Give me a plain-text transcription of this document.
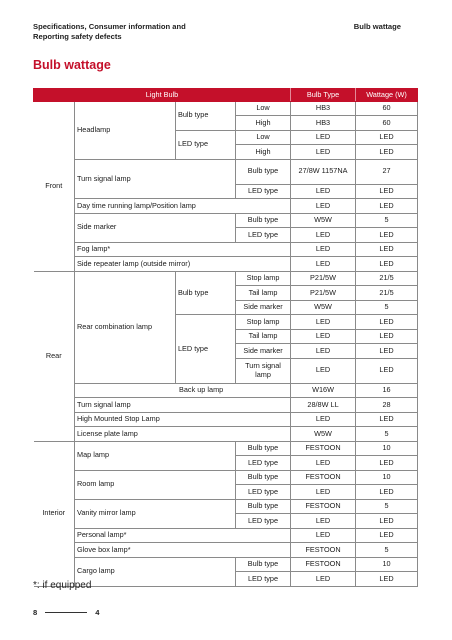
Specifications, Consumer information and
Reporting safety defects
Bulb wattage
Bulb wattage
Light Bulb				Bulb Type	Wattage (W)
Front	Headlamp	Bulb type	Low	HB3	60
			High	HB3	60
		LED type	Low	LED	LED
			High	LED	LED
	Turn signal lamp		Bulb type	27/8W 1157NA	27
			LED type	LED	LED
	Day time running lamp/Position lamp			LED	LED
	Side marker		Bulb type	W5W	5
			LED type	LED	LED
	Fog lamp*			LED	LED
	Side repeater lamp (outside mirror)			LED	LED
Rear	Rear combination lamp	Bulb type	Stop lamp	P21/5W	21/5
			Tail lamp	P21/5W	21/5
			Side marker	W5W	5
		LED type	Stop lamp	LED	LED
			Tail lamp	LED	LED
			Side marker	LED	LED
			Turn signal lamp	LED	LED
	Back up lamp			W16W	16
	Turn signal lamp			28/8W LL	28
	High Mounted Stop Lamp			LED	LED
	License plate lamp			W5W	5
Interior	Map lamp		Bulb type	FESTOON	10
			LED type	LED	LED
	Room lamp		Bulb type	FESTOON	10
			LED type	LED	LED
	Vanity mirror lamp		Bulb type	FESTOON	5
			LED type	LED	LED
	Personal lamp*			LED	LED
	Glove box lamp*			FESTOON	5
	Cargo lamp		Bulb type	FESTOON	10
			LED type	LED	LED
*: if equipped
8	4
